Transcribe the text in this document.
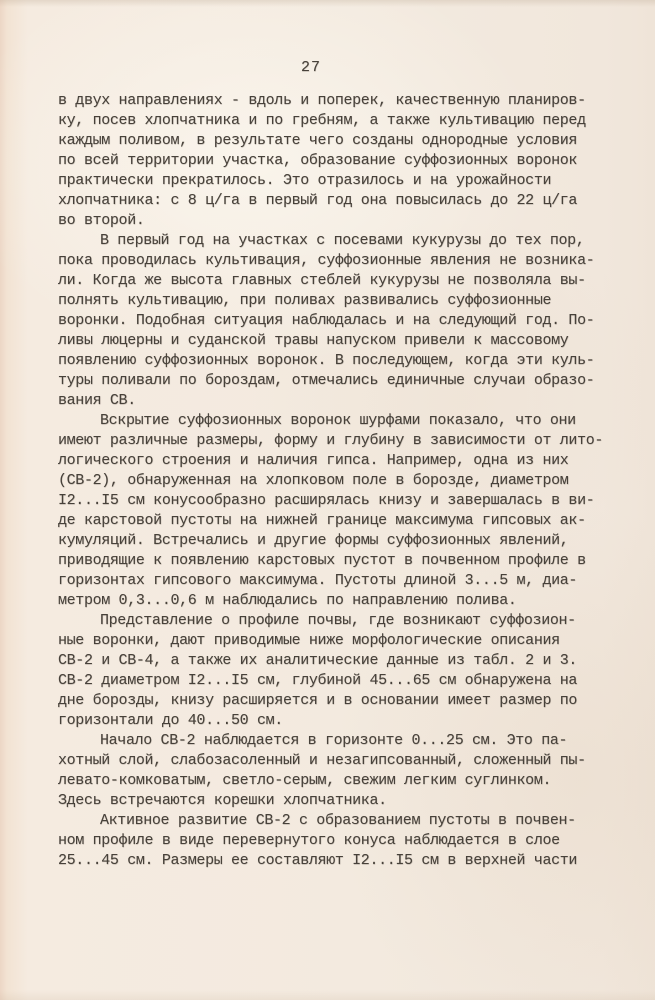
27
в двух направлениях - вдоль и поперек, качественную планиров-
ку, посев хлопчатника и по гребням, а также культивацию перед
каждым поливом, в результате чего созданы однородные условия
по всей территории участка, образование суффозионных воронок
практически прекратилось. Это отразилось и на урожайности
хлопчатника: с 8 ц/га в первый год она повысилась до 22 ц/га
во второй.
В первый год на участках с посевами кукурузы до тех пор,
пока проводилась культивация, суффозионные явления не возника-
ли. Когда же высота главных стеблей кукурузы не позволяла вы-
полнять культивацию, при поливах развивались суффозионные
воронки. Подобная ситуация наблюдалась и на следующий год. По-
ливы люцерны и суданской травы напуском привели к массовому
появлению суффозионных воронок. В последующем, когда эти куль-
туры поливали по бороздам, отмечались единичные случаи образо-
вания СВ.
Вскрытие суффозионных воронок шурфами показало, что они
имеют различные размеры, форму и глубину в зависимости от лито-
логического строения и наличия гипса. Например, одна из них
(СВ-2), обнаруженная на хлопковом поле в борозде, диаметром
I2...I5 см конусообразно расширялась книзу и завершалась в ви-
де карстовой пустоты на нижней границе максимума гипсовых ак-
кумуляций. Встречались и другие формы суффозионных явлений,
приводящие к появлению карстовых пустот в почвенном профиле в
горизонтах гипсового максимума. Пустоты длиной 3...5 м, диа-
метром 0,3...0,6 м наблюдались по направлению полива.
Представление о профиле почвы, где возникают суффозион-
ные воронки, дают приводимые ниже морфологические описания
СВ-2 и СВ-4, а также их аналитические данные из табл. 2 и 3.
СВ-2 диаметром I2...I5 см, глубиной 45...65 см обнаружена на
дне борозды, книзу расширяется и в основании имеет размер по
горизонтали до 40...50 см.
Начало СВ-2 наблюдается в горизонте 0...25 см. Это па-
хотный слой, слабозасоленный и незагипсованный, сложенный пы-
левато-комковатым, светло-серым, свежим легким суглинком.
Здесь встречаются корешки хлопчатника.
Активное развитие СВ-2 с образованием пустоты в почвен-
ном профиле в виде перевернутого конуса наблюдается в слое
25...45 см. Размеры ее составляют I2...I5 см в верхней части
